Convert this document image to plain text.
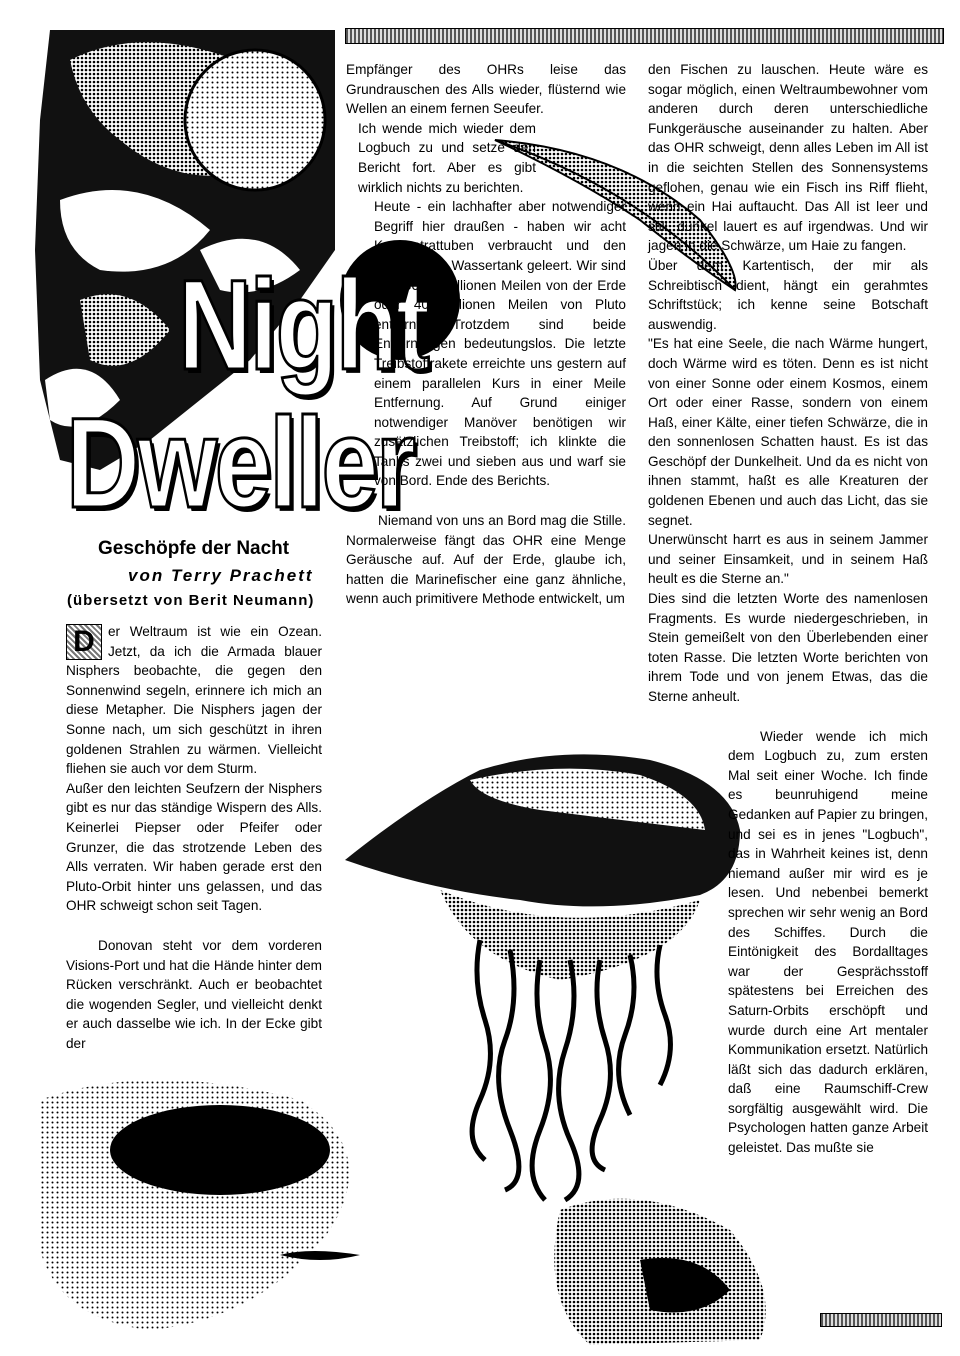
Night
Dweller
Geschöpfe der Nacht
von Terry Prachett
(übersetzt von Berit Neumann)

D er Weltraum ist wie ein Ozean. Jetzt, da ich die Armada blauer Nisphers beobachte, die gegen den Sonnenwind segeln, erinnere ich mich an diese Metapher. Die Nisphers jagen der Sonne nach, um sich geschützt in ihren goldenen Strahlen zu wärmen. Vielleicht fliehen sie auch vor dem Sturm.

Außer den leichten Seufzern der Nisphers gibt es nur das ständige Wispern des Alls. Keinerlei Piepser oder Pfeifer oder Grunzer, die das strotzende Leben des Alls verraten. Wir haben gerade erst den Pluto-Orbit hinter uns gelassen, und das OHR schweigt schon seit Tagen.

Donovan steht vor dem vorderen Visions-Port und hat die Hände hinter dem Rücken verschränkt. Auch er beobachtet die wogenden Segler, und vielleicht denkt er auch dasselbe wie ich. In der Ecke gibt der

Empfänger des OHRs leise das Grundrauschen des Alls wieder, flüsternd wie Wellen an einem fernen Seeufer.

Ich wende mich wieder dem Logbuch zu und setze den Bericht fort. Aber es gibt wirklich nichts zu berichten.

Heute - ein lachhafter aber notwendiger Begriff hier draußen - haben wir acht Konzentrattuben verbraucht und den siebzehnten Wassertank geleert. Wir sind jetzt 361.5 Millionen Meilen von der Erde oder 40 Millionen Meilen von Pluto entfernt. Trotzdem sind beide Entfernungen bedeutungslos. Die letzte Treibstoffrakete erreichte uns gestern auf einem parallelen Kurs in einer Meile Entfernung. Auf Grund einiger notwendiger Manöver benötigen wir zusätzlichen Treibstoff; ich klinkte die Tanks zwei und sieben aus und warf sie von Bord. Ende des Berichts.

Niemand von uns an Bord mag die Stille. Normalerweise fängt das OHR eine Menge Geräusche auf. Auf der Erde, glaube ich, hatten die Marinefischer eine ganz ähnliche, wenn auch primitivere Methode entwickelt, um

den Fischen zu lauschen. Heute wäre es sogar möglich, einen Weltraumbewohner vom anderen durch deren unterschiedliche Funkgeräusche auseinander zu halten. Aber das OHR schweigt, denn alles Leben im All ist in die seichten Stellen des Sonnensystems geflohen, genau wie ein Fisch ins Riff flieht, wenn ein Hai auftaucht. Das All ist leer und still, dunkel lauert es auf irgendwas. Und wir jagen in die Schwärze, um Haie zu fangen.

Über dem Kartentisch, der mir als Schreibtisch dient, hängt ein gerahmtes Schriftstück; ich kenne seine Botschaft auswendig.

"Es hat eine Seele, die nach Wärme hungert, doch Wärme wird es töten. Denn es ist nicht von einer Sonne oder einem Kosmos, einem Ort oder einer Rasse, sondern von einem Haß, einer Kälte, einer tiefen Schwärze, die in den sonnenlosen Schatten haust. Es ist das Geschöpf der Dunkelheit. Und da es nicht von ihnen stammt, haßt es alle Kreaturen der goldenen Ebenen und auch das Licht, das sie segnet.

Unerwünscht harrt es aus in seinem Jammer und seiner Einsamkeit, und in seinem Haß heult es die Sterne an."

Dies sind die letzten Worte des namenlosen Fragments. Es wurde niedergeschrieben, in Stein gemeißelt von den Überlebenden einer toten Rasse. Die letzten Worte berichten von ihrem Tode und von jenem Etwas, das die Sterne anheult.

Wieder wende ich mich dem Logbuch zu, zum ersten Mal seit einer Woche. Ich finde es beunruhigend meine Gedanken auf Papier zu bringen, und sei es in jenes "Logbuch", das in Wahrheit keines ist, denn niemand außer mir wird es je lesen. Und nebenbei bemerkt sprechen wir sehr wenig an Bord des Schiffes. Durch die Eintönigkeit des Bordalltages war der Gesprächsstoff spätestens bei Erreichen des Saturn-Orbits erschöpft und wurde durch eine Art mentaler Kommunikation ersetzt. Natürlich läßt sich das dadurch erklären, daß eine Raumschiff-Crew sorgfältig ausgewählt wird. Die Psychologen hatten ganze Arbeit geleistet. Das mußte sie
